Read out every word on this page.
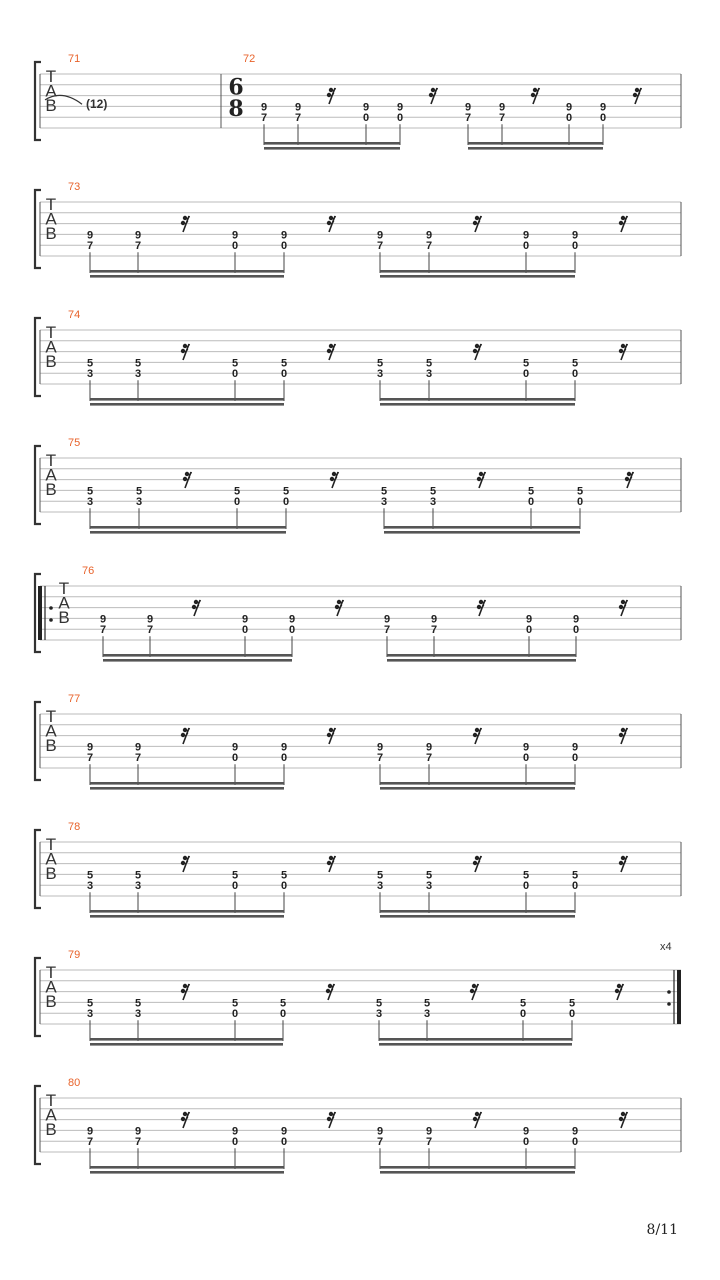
T
A
B
71
(12)
72
6
8 9
7
9
7
9
0
9
0
9
7
9
7
9
0
9
0
T
A
B
73
9
7
9
7
9
0
9
0
9
7
9
7
9
0
9
0
T
A
B
74
5
3
5
3
5
0
5
0
5
3
5
3
5
0
5
0
T
A
B
75
5
3
5
3
5
0
5
0
5
3
5
3
5
0
5
0
T
A
B
76
9
7
9
7
9
0
9
0
9
7
9
7
9
0
9
0
T
A
B
77
9
7
9
7
9
0
9
0
9
7
9
7
9
0
9
0
T
A
B
78
5
3
5
3
5
0
5
0
5
3
5
3
5
0
5
0
T
A
B
79
5
3
5
3
5
0
5
0
5
3
5
3
5
0
5
0
x4
T
A
B
80
9
7
9
7
9
0
9
0
9
7
9
7
9
0
9
0
8/11
